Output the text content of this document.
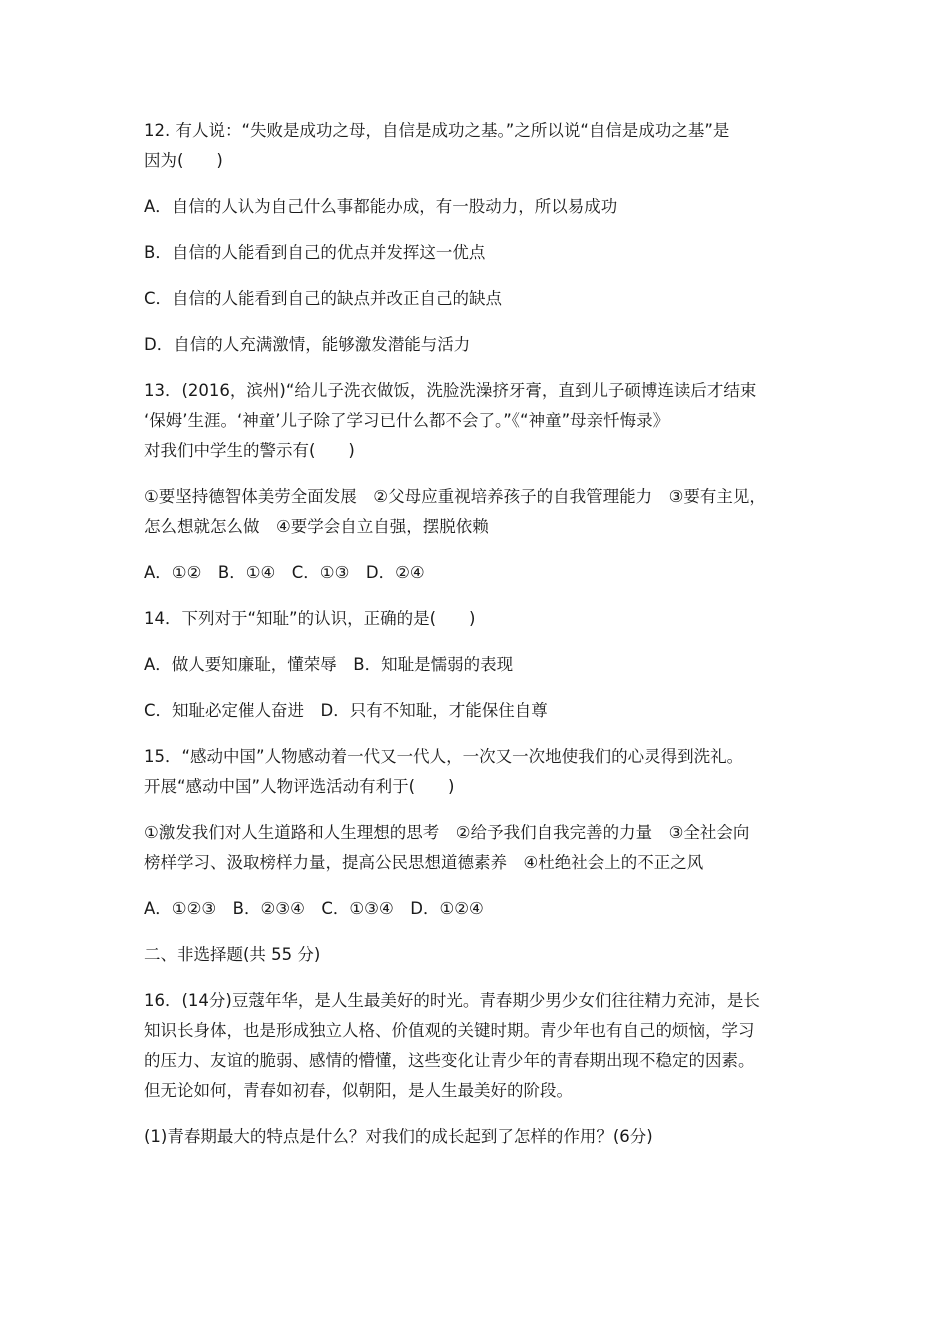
12. 有人说：“失败是成功之母，自信是成功之基。”之所以说“自信是成功之基”是

因为(　　)

A．自信的人认为自己什么事都能办成，有一股动力，所以易成功

B．自信的人能看到自己的优点并发挥这一优点

C．自信的人能看到自己的缺点并改正自己的缺点

D．自信的人充满激情，能够激发潜能与活力

13．(2016，滨州)“给儿子洗衣做饭，洗脸洗澡挤牙膏，直到儿子硕博连读后才结束

‘保姆’生涯。‘神童’儿子除了学习已什么都不会了。”《“神童”母亲忏悔录》

对我们中学生的警示有(　　)

①要坚持德智体美劳全面发展　②父母应重视培养孩子的自我管理能力　③要有主见，

怎么想就怎么做　④要学会自立自强，摆脱依赖

A．①②　B．①④　C．①③　D．②④

14．下列对于“知耻”的认识，正确的是(　　)

A．做人要知廉耻，懂荣辱　B．知耻是懦弱的表现

C．知耻必定催人奋进　D．只有不知耻，才能保住自尊

15．“感动中国”人物感动着一代又一代人，一次又一次地使我们的心灵得到洗礼。

开展“感动中国”人物评选活动有利于(　　)

①激发我们对人生道路和人生理想的思考　②给予我们自我完善的力量　③全社会向

榜样学习、汲取榜样力量，提高公民思想道德素养　④杜绝社会上的不正之风

A．①②③　B．②③④　C．①③④　D．①②④

二、非选择题(共 55 分)

16．(14分)豆蔻年华，是人生最美好的时光。青春期少男少女们往往精力充沛，是长

知识长身体，也是形成独立人格、价值观的关键时期。青少年也有自己的烦恼，学习

的压力、友谊的脆弱、感情的懵懂，这些变化让青少年的青春期出现不稳定的因素。

但无论如何，青春如初春，似朝阳，是人生最美好的阶段。

(1)青春期最大的特点是什么？对我们的成长起到了怎样的作用？(6分)
